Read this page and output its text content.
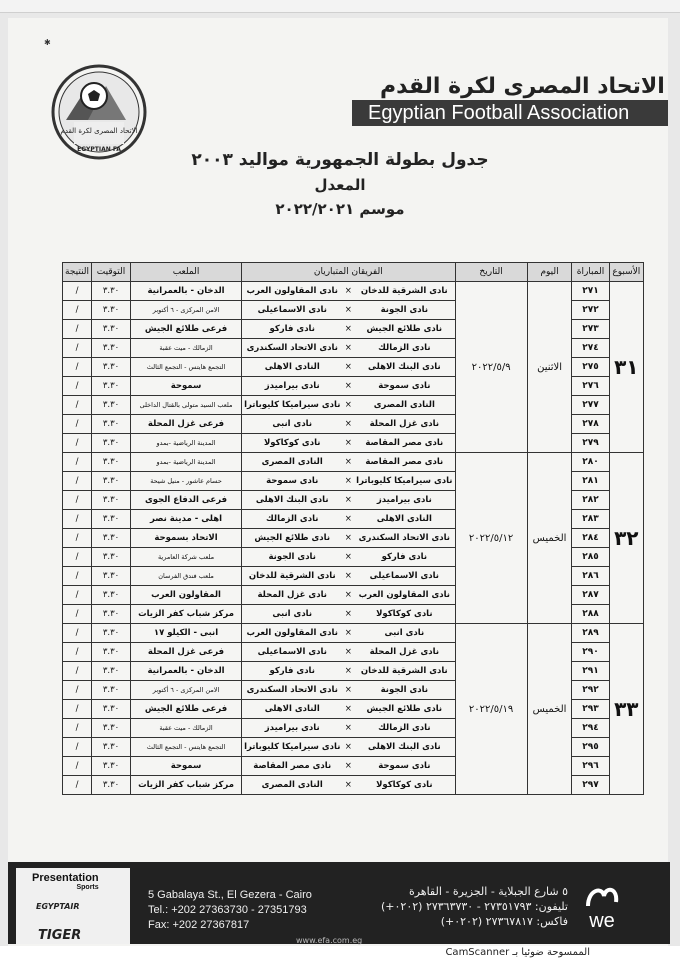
✱
الاتحاد المصرى لكرة القدم
EGYPTIAN FA
الاتحاد المصرى لكرة القدم
Egyptian Football Association
جدول بطولة الجمهورية مواليد ٢٠٠٣
المعدل
موسم ٢٠٢٢/٢٠٢١
الأسبوع	المباراة	اليوم	التاريخ	الفريقان المتباريان			الملعب	التوقيت	النتيجة
٣١	٢٧١	الاثنين	٢٠٢٢/٥/٩	نادى الشرقية للدخان	×	نادى المقاولون العرب	الدخان - بالعمرانية	٣.٣٠	/
	٢٧٢			نادى الجونة	×	نادى الاسماعيلى	الامن المركزى - ٦ أكتوبر	٣.٣٠	/
	٢٧٣			نادى طلائع الجيش	×	نادى فاركو	فرعى طلائع الجيش	٣.٣٠	/
	٢٧٤			نادى الزمالك	×	نادى الاتحاد السكندرى	الزمالك - ميت عقبة	٣.٣٠	/
	٢٧٥			نادى البنك الاهلى	×	النادى الاهلى	التجمع هايتس - التجمع الثالث	٣.٣٠	/
	٢٧٦			نادى سموحة	×	نادى بيراميدز	سموحة	٣.٣٠	/
	٢٧٧			النادى المصرى	×	نادى سيراميكا كليوباترا	ملعب السيد متولى بالقتال الداخلى	٣.٣٠	/
	٢٧٨			نادى غزل المحلة	×	نادى انبى	فرعى غزل المحلة	٣.٣٠	/
	٢٧٩			نادى مصر المقاصة	×	نادى كوكاكولا	المدينة الرياضية -بمدو	٣.٣٠	/
٣٢	٢٨٠	الخميس	٢٠٢٢/٥/١٢	نادى مصر المقاصة	×	النادى المصرى	المدينة الرياضية -بمدو	٣.٣٠	/
	٢٨١			نادى سيراميكا كليوباترا	×	نادى سموحة	حسام عاشور - منيل شيحة	٣.٣٠	/
	٢٨٢			نادى بيراميدز	×	نادى البنك الاهلى	فرعى الدفاع الجوى	٣.٣٠	/
	٢٨٣			النادى الاهلى	×	نادى الزمالك	اهلى - مدينة نصر	٣.٣٠	/
	٢٨٤			نادى الاتحاد السكندرى	×	نادى طلائع الجيش	الاتحاد بسموحة	٣.٣٠	/
	٢٨٥			نادى فاركو	×	نادى الجونة	ملعب شركة العامرية	٣.٣٠	/
	٢٨٦			نادى الاسماعيلى	×	نادى الشرقية للدخان	ملعب فندق الفرسان	٣.٣٠	/
	٢٨٧			نادى المقاولون العرب	×	نادى غزل المحلة	المقاولون العرب	٣.٣٠	/
	٢٨٨			نادى كوكاكولا	×	نادى انبى	مركز شباب كفر الزيات	٣.٣٠	/
٣٣	٢٨٩	الخميس	٢٠٢٢/٥/١٩	نادى انبى	×	نادى المقاولون العرب	انبى - الكيلو ١٧	٣.٣٠	/
	٢٩٠			نادى غزل المحلة	×	نادى الاسماعيلى	فرعى غزل المحلة	٣.٣٠	/
	٢٩١			نادى الشرقية للدخان	×	نادى فاركو	الدخان - بالعمرانية	٣.٣٠	/
	٢٩٢			نادى الجونة	×	نادى الاتحاد السكندرى	الامن المركزى - ٦ أكتوبر	٣.٣٠	/
	٢٩٣			نادى طلائع الجيش	×	النادى الاهلى	فرعى طلائع الجيش	٣.٣٠	/
	٢٩٤			نادى الزمالك	×	نادى بيراميدز	الزمالك - ميت عقبة	٣.٣٠	/
	٢٩٥			نادى البنك الاهلى	×	نادى سيراميكا كليوباترا	التجمع هايتس - التجمع الثالث	٣.٣٠	/
	٢٩٦			نادى سموحة	×	نادى مصر المقاصة	سموحة	٣.٣٠	/
	٢٩٧			نادى كوكاكولا	×	النادى المصرى	مركز شباب كفر الزيات	٣.٣٠	/
Presentation
Sports
EGYPTAIR
TIGER
5 Gabalaya St., El Gezera - Cairo
Tel.: +202 27363730 - 27351793
Fax: +202 27367817
٥ شارع الجبلاية - الجزيرة - القاهرة
تليفون: ٢٧٣٥١٧٩٣ - ٢٧٣٦٣٧٣٠ (٠٢٠٢+)
فاكس: ٢٧٣٦٧٨١٧ (٠٢٠٢+)	we
www.efa.com.eg
الممسوحة ضوئيا بـ CamScanner
